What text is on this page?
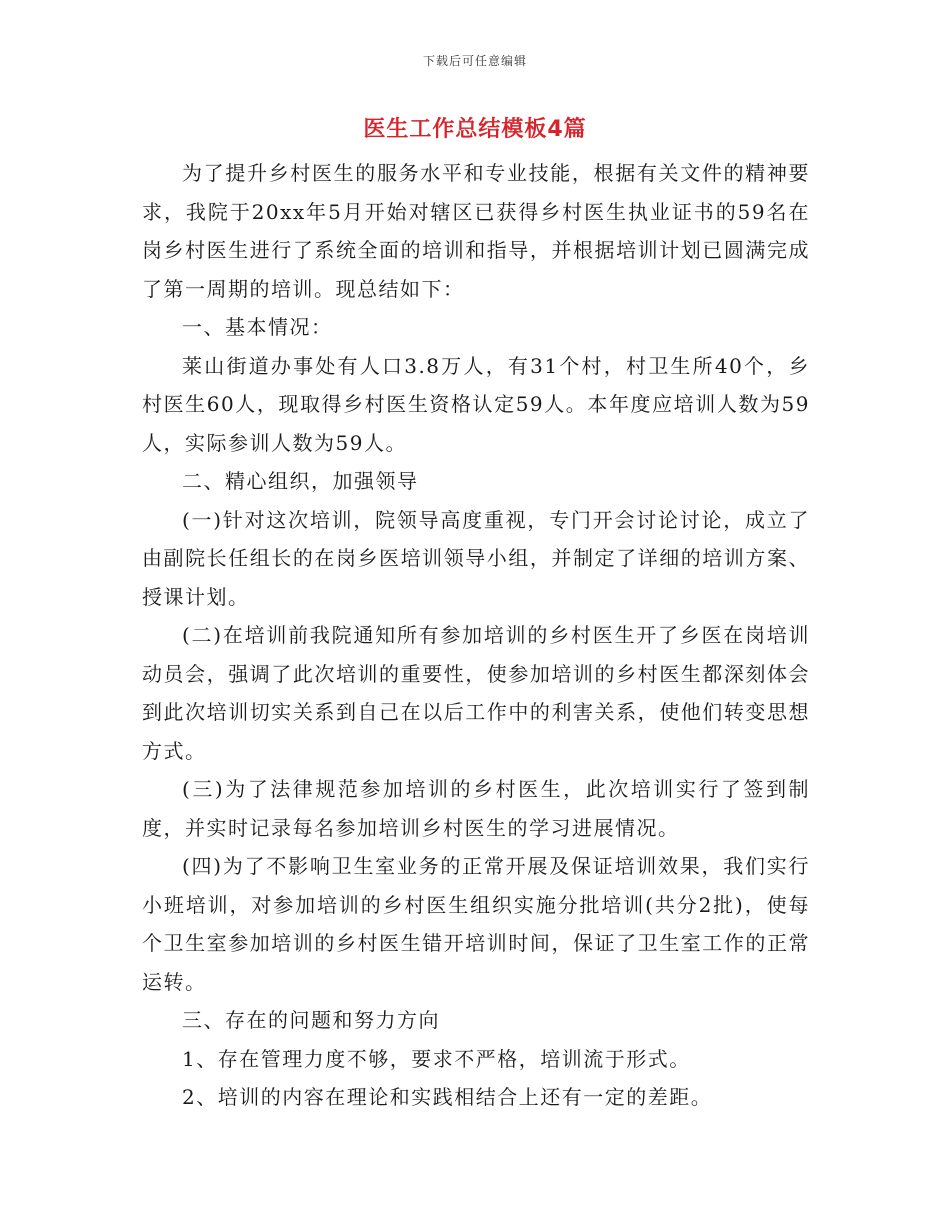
下载后可任意编辑
医生工作总结模板4篇

为了提升乡村医生的服务水平和专业技能，根据有关文件的精神要求，我院于20xx年5月开始对辖区已获得乡村医生执业证书的59名在岗乡村医生进行了系统全面的培训和指导，并根据培训计划已圆满完成了第一周期的培训。现总结如下：

一、基本情况：

莱山街道办事处有人口3.8万人，有31个村，村卫生所40个，乡村医生60人，现取得乡村医生资格认定59人。本年度应培训人数为59人，实际参训人数为59人。

二、精心组织，加强领导

(一)针对这次培训，院领导高度重视，专门开会讨论讨论，成立了由副院长任组长的在岗乡医培训领导小组，并制定了详细的培训方案、授课计划。

(二)在培训前我院通知所有参加培训的乡村医生开了乡医在岗培训动员会，强调了此次培训的重要性，使参加培训的乡村医生都深刻体会到此次培训切实关系到自己在以后工作中的利害关系，使他们转变思想方式。

(三)为了法律规范参加培训的乡村医生，此次培训实行了签到制度，并实时记录每名参加培训乡村医生的学习进展情况。

(四)为了不影响卫生室业务的正常开展及保证培训效果，我们实行小班培训，对参加培训的乡村医生组织实施分批培训(共分2批)，使每个卫生室参加培训的乡村医生错开培训时间，保证了卫生室工作的正常运转。

三、存在的问题和努力方向

1、存在管理力度不够，要求不严格，培训流于形式。

2、培训的内容在理论和实践相结合上还有一定的差距。
